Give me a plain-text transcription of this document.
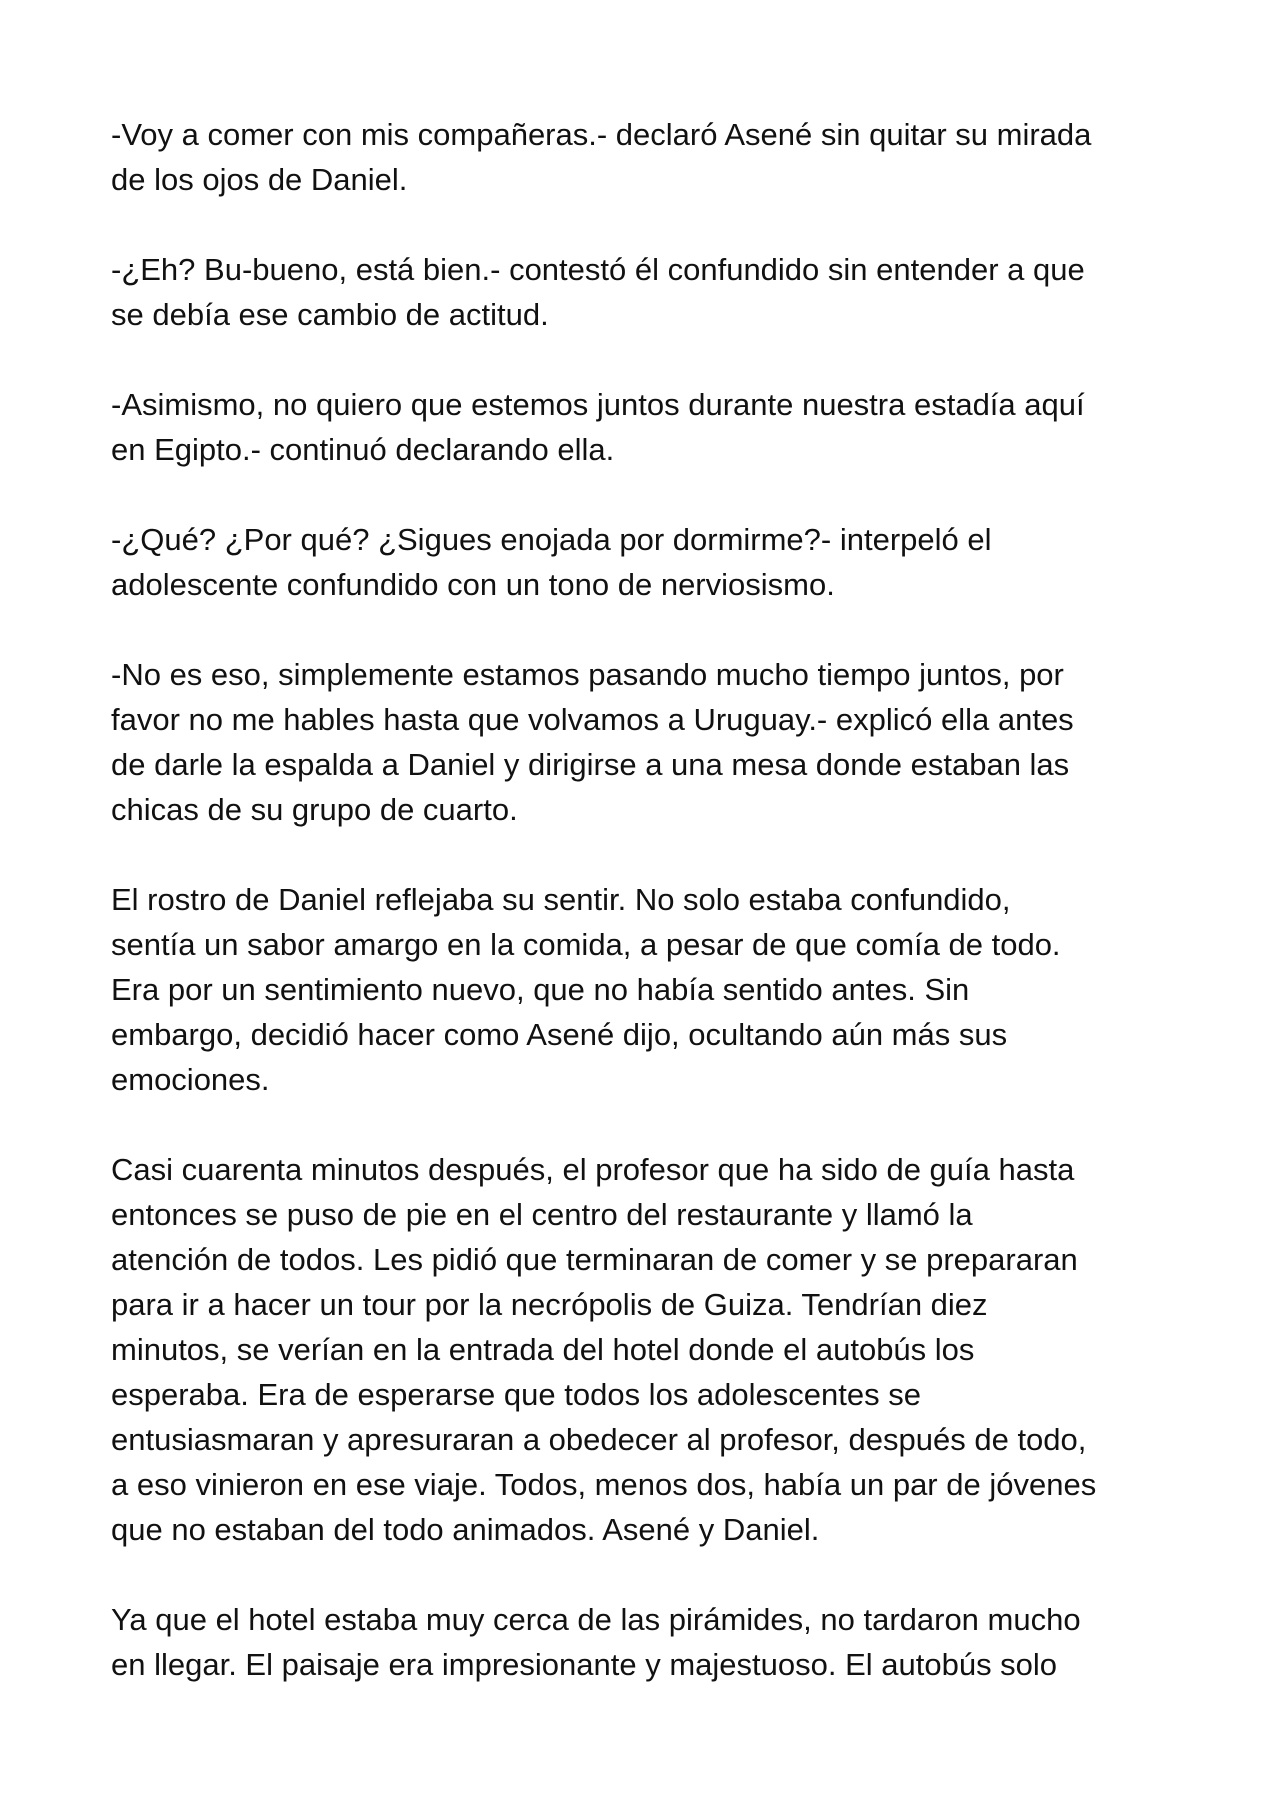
-Voy a comer con mis compañeras.- declaró Asené sin quitar su mirada
de los ojos de Daniel.

-¿Eh? Bu-bueno, está bien.- contestó él confundido sin entender a que
se debía ese cambio de actitud.

-Asimismo, no quiero que estemos juntos durante nuestra estadía aquí
en Egipto.- continuó declarando ella.

-¿Qué? ¿Por qué? ¿Sigues enojada por dormirme?- interpeló el
adolescente confundido con un tono de nerviosismo.

-No es eso, simplemente estamos pasando mucho tiempo juntos, por
favor no me hables hasta que volvamos a Uruguay.- explicó ella antes
de darle la espalda a Daniel y dirigirse a una mesa donde estaban las
chicas de su grupo de cuarto.

El rostro de Daniel reflejaba su sentir. No solo estaba confundido,
sentía un sabor amargo en la comida, a pesar de que comía de todo.
Era por un sentimiento nuevo, que no había sentido antes. Sin
embargo, decidió hacer como Asené dijo, ocultando aún más sus
emociones.

Casi cuarenta minutos después, el profesor que ha sido de guía hasta
entonces se puso de pie en el centro del restaurante y llamó la
atención de todos. Les pidió que terminaran de comer y se prepararan
para ir a hacer un tour por la necrópolis de Guiza. Tendrían diez
minutos, se verían en la entrada del hotel donde el autobús los
esperaba. Era de esperarse que todos los adolescentes se
entusiasmaran y apresuraran a obedecer al profesor, después de todo,
a eso vinieron en ese viaje. Todos, menos dos, había un par de jóvenes
que no estaban del todo animados. Asené y Daniel.

Ya que el hotel estaba muy cerca de las pirámides, no tardaron mucho
en llegar. El paisaje era impresionante y majestuoso. El autobús solo
